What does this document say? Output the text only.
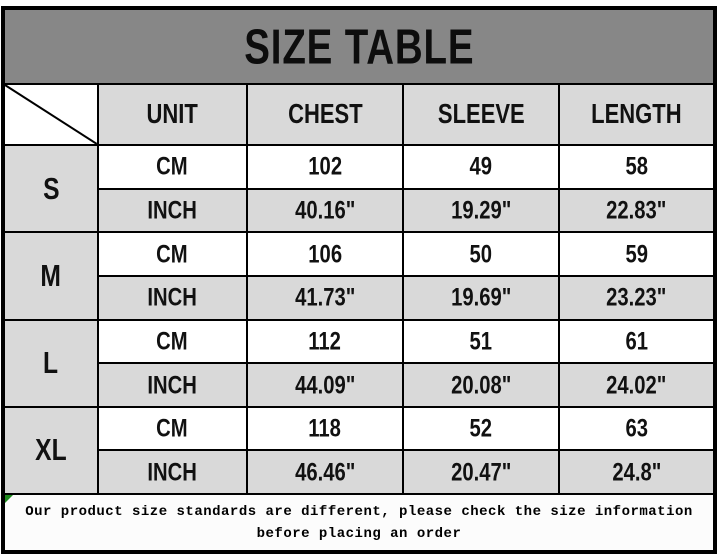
SIZE TABLE				

	UNIT	CHEST	SLEEVE	LENGTH
S	CM	102	49	58
	INCH	40.16"	19.29"	22.83"
M	CM	106	50	59
	INCH	41.73"	19.69"	23.23"
L	CM	112	51	61
	INCH	44.09"	20.08"	24.02"
XL	CM	118	52	63
	INCH	46.46"	20.47"	24.8"

Our product size standards are different, please check the size information
before placing an order				
